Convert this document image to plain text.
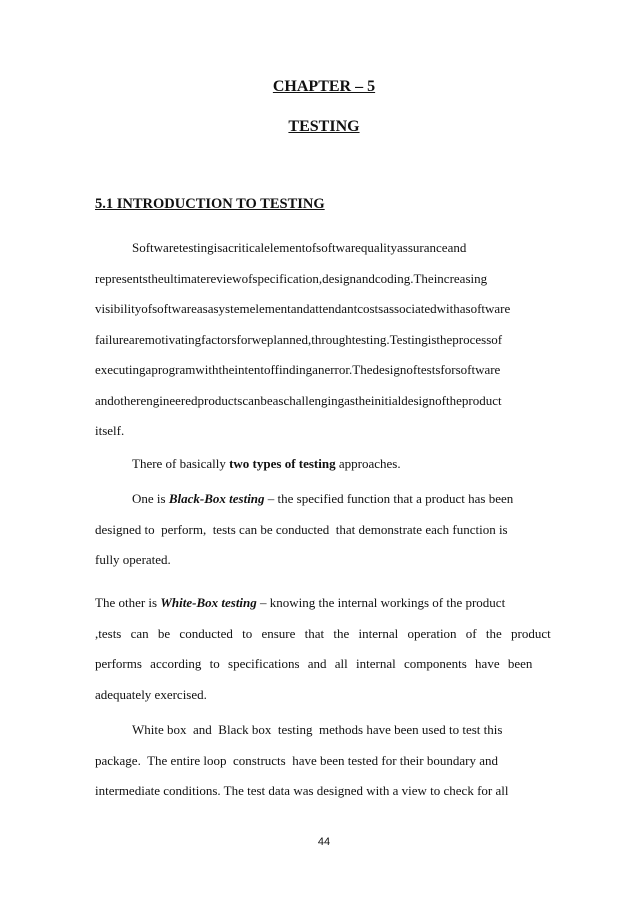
CHAPTER – 5
TESTING
5.1 INTRODUCTION TO TESTING
Softwaretestingisacriticalelementofsoftwarequalityassuranceand
representstheultimatereviewofspecification,designandcoding.Theincreasing
visibilityofsoftwareasasystemelementandattendantcostsassociatedwithasoftware
failurearemotivatingfactorsforweplanned,throughtesting.Testingistheprocessof
executingaprogramwiththeintentoffindinganerror.Thedesignoftestsforsoftware
andotherengineeredproductscanbeaschallengingastheinitialdesignoftheproduct
itself.
There of basically two types of testing approaches.
One is Black-Box testing – the specified function that a product has been
designed to  perform,  tests can be conducted  that demonstrate each function is
fully operated.
The other is White-Box testing – knowing the internal workings of the product
,tests can be conducted to ensure that the internal operation of the product
performs according to specifications and all internal components have been
adequately exercised.
White box  and  Black box  testing  methods have been used to test this
package.  The entire loop  constructs  have been tested for their boundary and
intermediate conditions. The test data was designed with a view to check for all
44
